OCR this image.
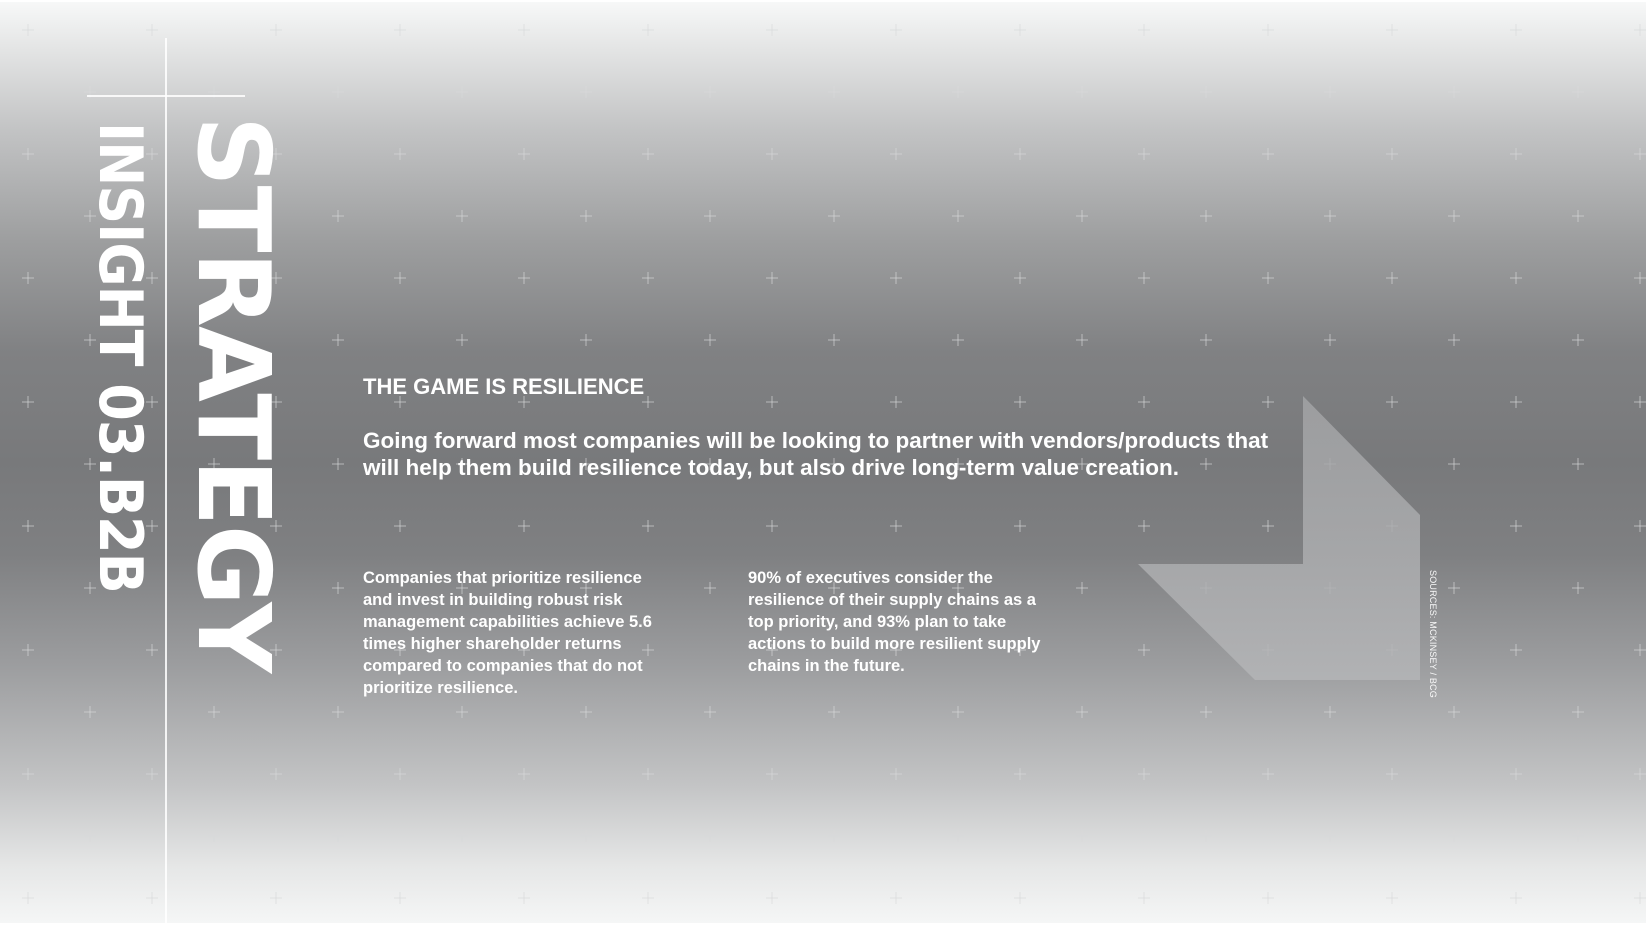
INSIGHT 03.B2B STRATEGY	THE GAME IS RESILIENCE

Going forward most companies will be looking to partner with vendors/products that will help them build resilience today, but also drive long-term value creation.

Companies that prioritize resilience and invest in building robust risk management capabilities achieve 5.6 times higher shareholder returns compared to companies that do not prioritize resilience.

90% of executives consider the resilience of their supply chains as a top priority, and 93% plan to take actions to build more resilient supply chains in the future.	SOURCES: MCKINSEY / BCG
